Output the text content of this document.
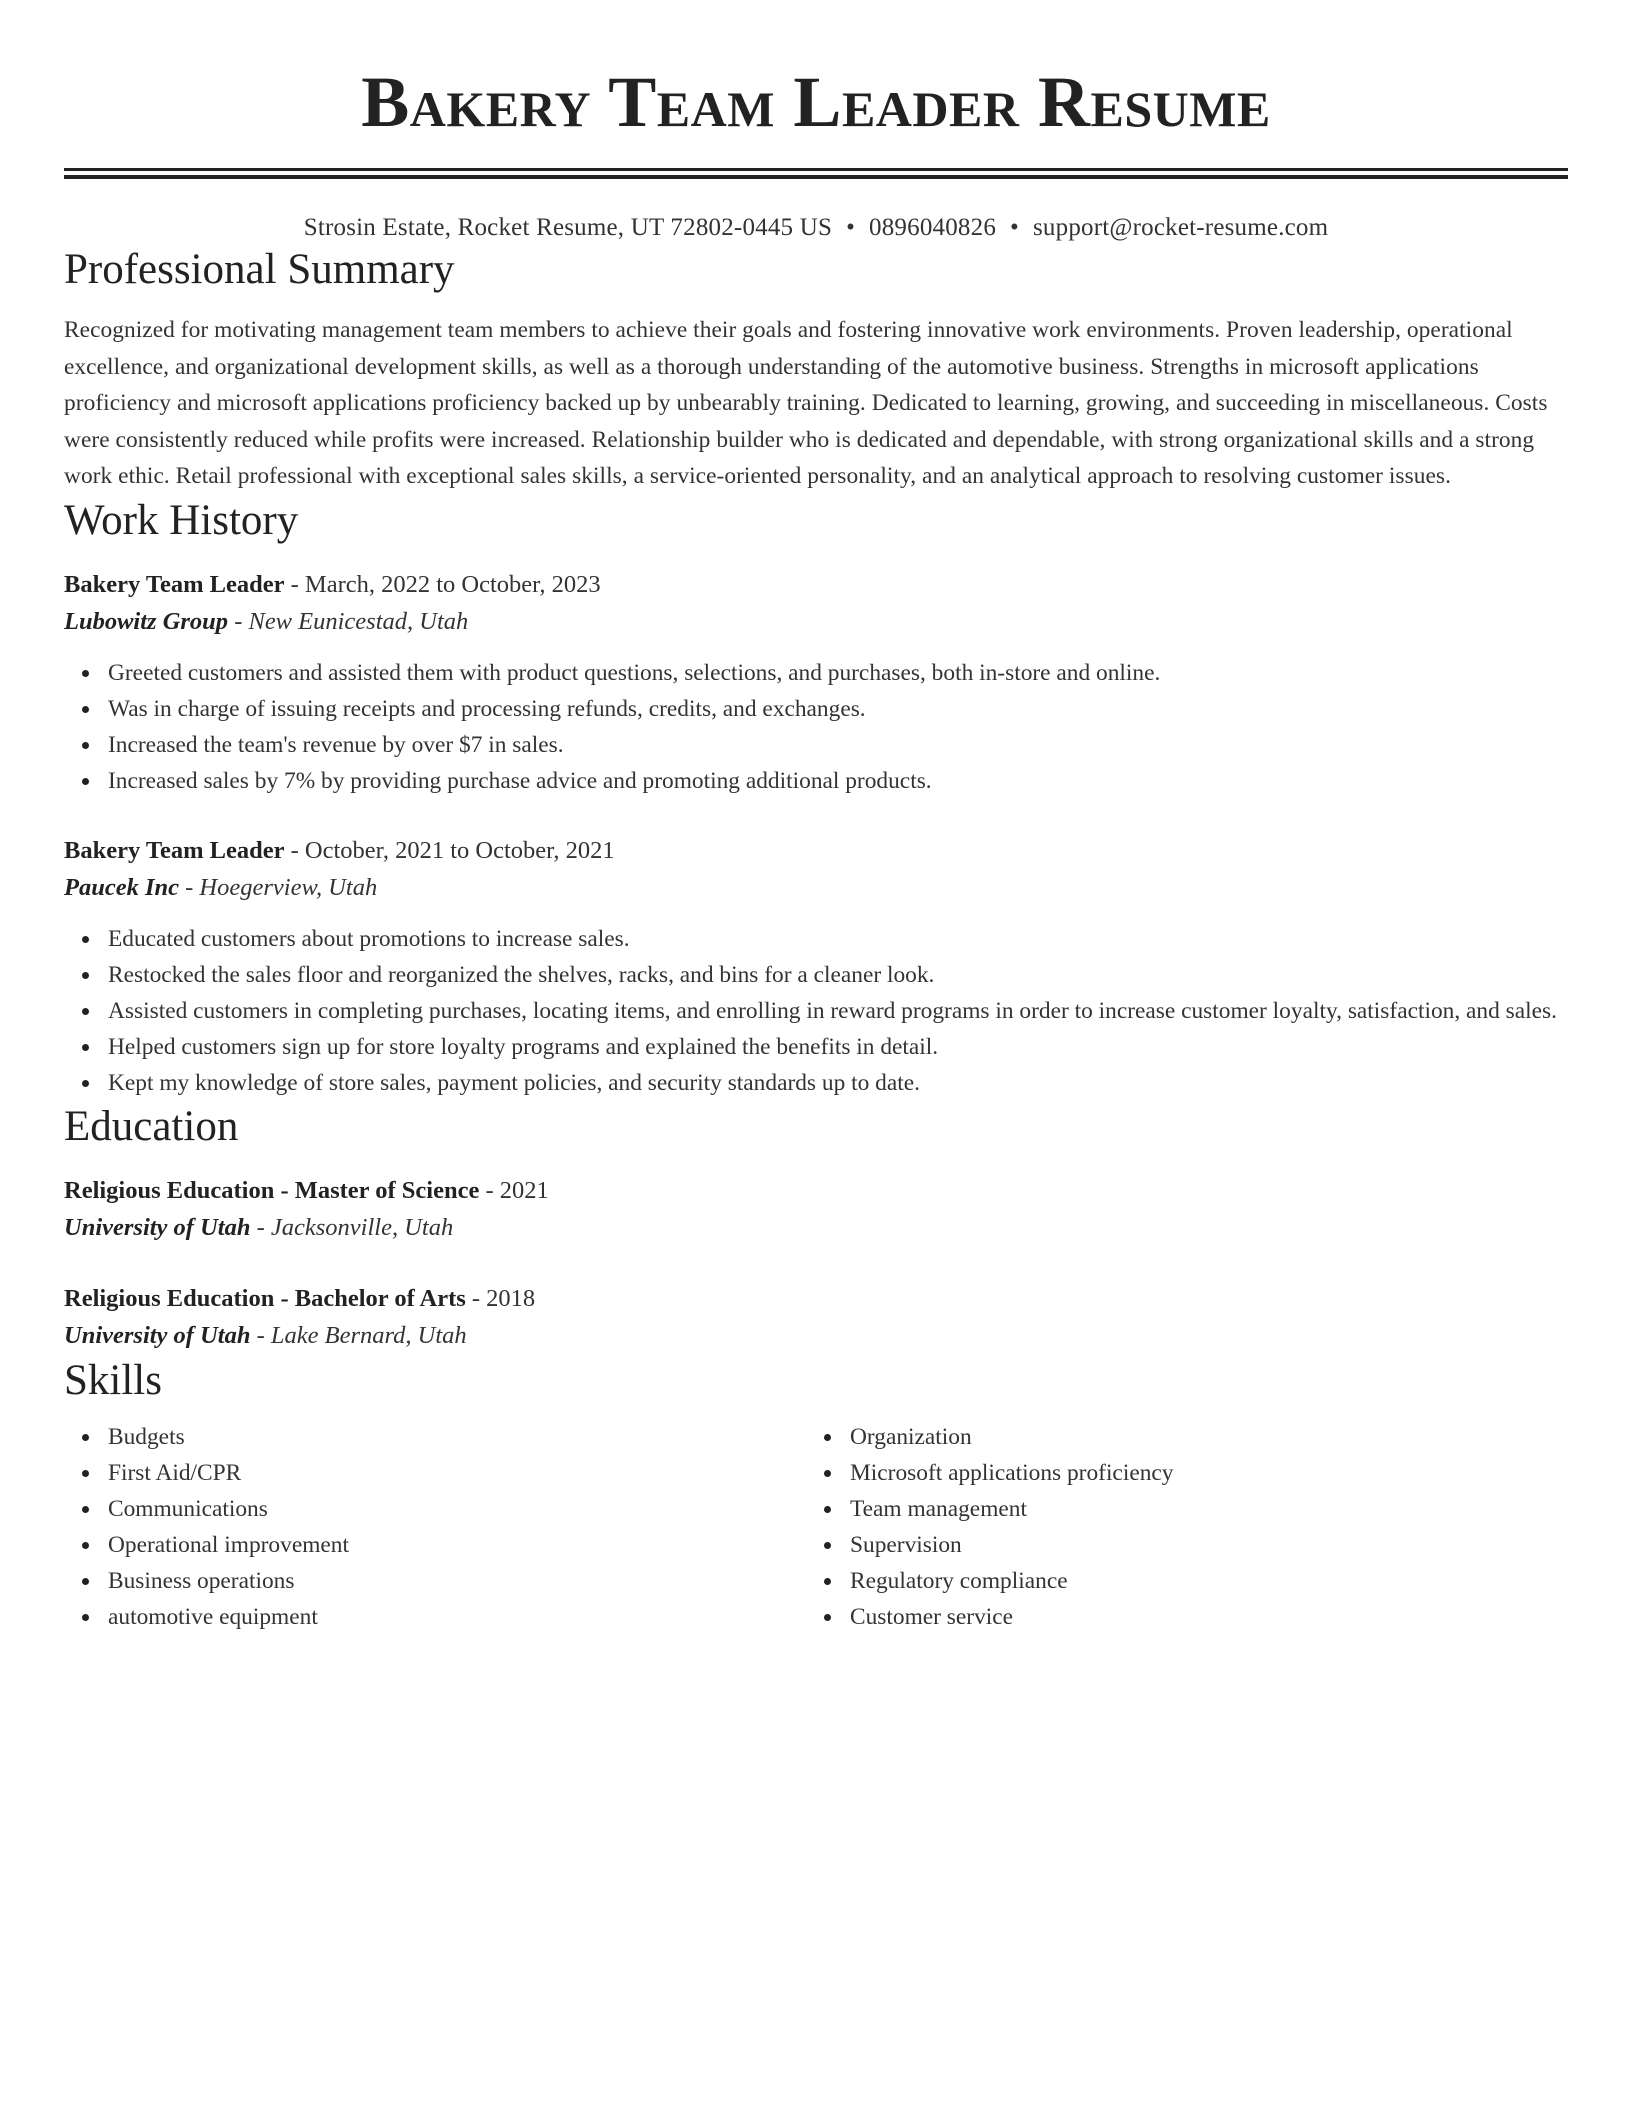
Bakery Team Leader Resume
Strosin Estate, Rocket Resume, UT 72802-0445 US • 0896040826 • support@rocket-resume.com
Professional Summary
Recognized for motivating management team members to achieve their goals and fostering innovative work environments. Proven leadership, operational excellence, and organizational development skills, as well as a thorough understanding of the automotive business. Strengths in microsoft applications proficiency and microsoft applications proficiency backed up by unbearably training. Dedicated to learning, growing, and succeeding in miscellaneous. Costs were consistently reduced while profits were increased. Relationship builder who is dedicated and dependable, with strong organizational skills and a strong work ethic. Retail professional with exceptional sales skills, a service-oriented personality, and an analytical approach to resolving customer issues.
Work History
Bakery Team Leader - March, 2022 to October, 2023
Lubowitz Group - New Eunicestad, Utah
Greeted customers and assisted them with product questions, selections, and purchases, both in-store and online.
Was in charge of issuing receipts and processing refunds, credits, and exchanges.
Increased the team's revenue by over $7 in sales.
Increased sales by 7% by providing purchase advice and promoting additional products.
Bakery Team Leader - October, 2021 to October, 2021
Paucek Inc - Hoegerview, Utah
Educated customers about promotions to increase sales.
Restocked the sales floor and reorganized the shelves, racks, and bins for a cleaner look.
Assisted customers in completing purchases, locating items, and enrolling in reward programs in order to increase customer loyalty, satisfaction, and sales.
Helped customers sign up for store loyalty programs and explained the benefits in detail.
Kept my knowledge of store sales, payment policies, and security standards up to date.
Education
Religious Education - Master of Science - 2021
University of Utah - Jacksonville, Utah
Religious Education - Bachelor of Arts - 2018
University of Utah - Lake Bernard, Utah
Skills
Budgets
First Aid/CPR
Communications
Operational improvement
Business operations
automotive equipment
Organization
Microsoft applications proficiency
Team management
Supervision
Regulatory compliance
Customer service
